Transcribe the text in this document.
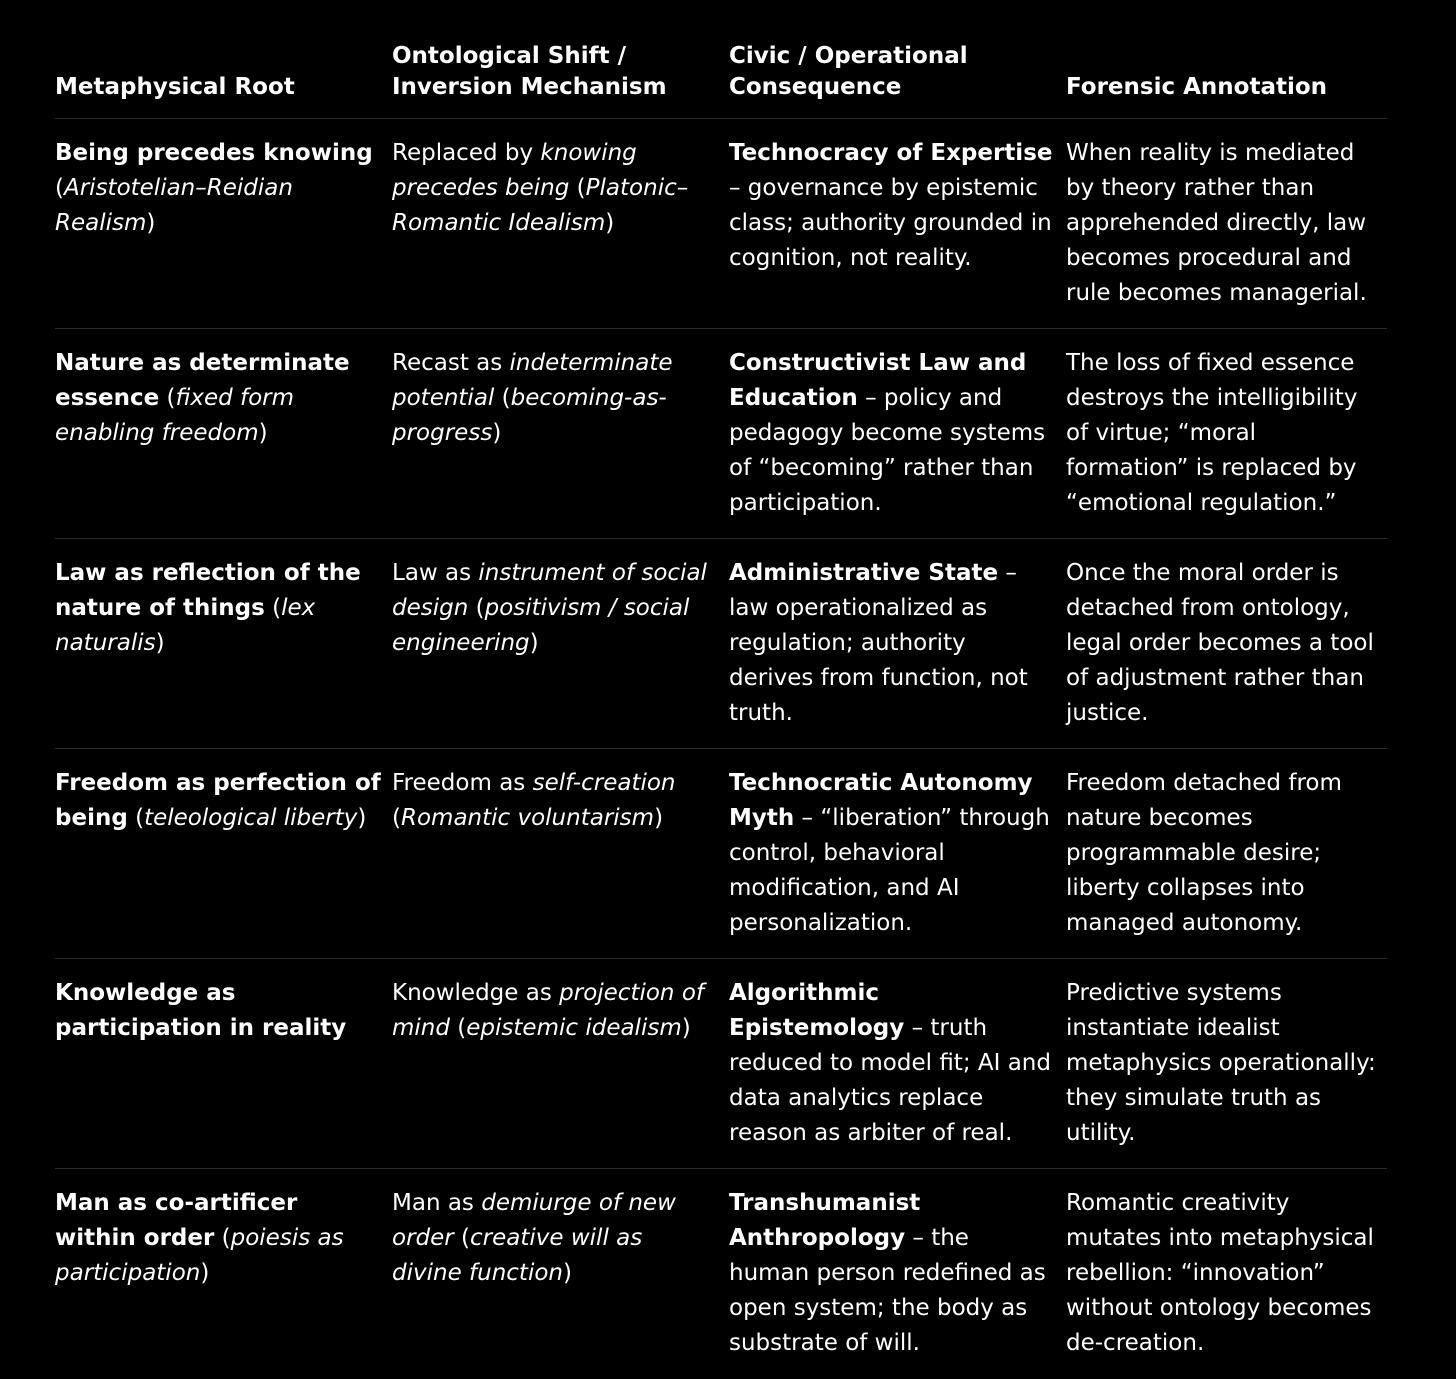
Metaphysical Root
Ontological Shift / Inversion Mechanism
Civic / Operational Consequence	Forensic Annotation
Being precedes knowing (Aristotelian–Reidian Realism)
Replaced by knowing precedes being (Platonic–Romantic Idealism)
Technocracy of Expertise – governance by epistemic class; authority grounded in cognition, not reality.
When reality is mediated by theory rather than apprehended directly, law becomes procedural and rule becomes managerial.
Nature as determinate essence (fixed form enabling freedom)
Recast as indeterminate potential (becoming-as-progress)
Constructivist Law and Education – policy and pedagogy become systems of “becoming” rather than participation.
The loss of fixed essence destroys the intelligibility of virtue; “moral formation” is replaced by “emotional regulation.”
Law as reflection of the nature of things (lex naturalis)
Law as instrument of social design (positivism / social engineering)
Administrative State – law operationalized as regulation; authority derives from function, not truth.
Once the moral order is detached from ontology, legal order becomes a tool of adjustment rather than justice.
Freedom as perfection of being (teleological liberty)
Freedom as self-creation (Romantic voluntarism)
Technocratic Autonomy Myth – “liberation” through control, behavioral modification, and AI personalization.
Freedom detached from nature becomes programmable desire; liberty collapses into managed autonomy.
Knowledge as participation in reality
Knowledge as projection of mind (epistemic idealism)
Algorithmic Epistemology – truth reduced to model fit; AI and data analytics replace reason as arbiter of real.
Predictive systems instantiate idealist metaphysics operationally: they simulate truth as utility.
Man as co-artificer within order (poiesis as participation)
Man as demiurge of new order (creative will as divine function)
Transhumanist Anthropology – the human person redefined as open system; the body as substrate of will.
Romantic creativity mutates into metaphysical rebellion: “innovation” without ontology becomes de-creation.
